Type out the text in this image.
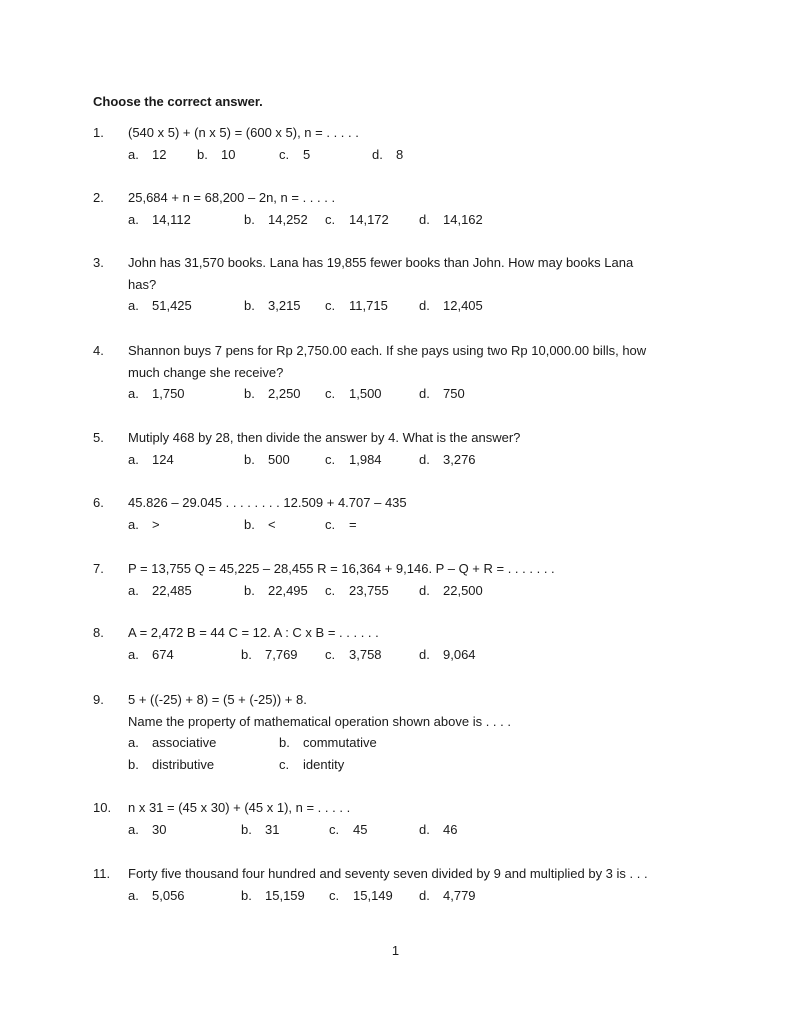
Choose the correct answer.
1. (540 x 5) + (n x 5) = (600 x 5), n = . . . . .
a. 12 b. 10	c. 5	d. 8
2. 25,684 + n = 68,200 – 2n, n = . . . . .
a. 14,112	b. 14,252 c. 14,172 d. 14,162
3. John has 31,570 books. Lana has 19,855 fewer books than John. How may books Lana
has?
a. 51,425	b. 3,215 c. 11,715 d. 12,405
4. Shannon buys 7 pens for Rp 2,750.00 each. If she pays using two Rp 10,000.00 bills, how
much change she receive?
a. 1,750	b. 2,250 c. 1,500	d. 750
5. Mutiply 468 by 28, then divide the answer by 4. What is the answer?
a. 124	b. 500	c. 1,984	d. 3,276
6. 45.826 – 29.045 . . . . . . . . 12.509 + 4.707 – 435
a. >	b. <	c. =
7. P = 13,755 Q = 45,225 – 28,455 R = 16,364 + 9,146. P – Q + R = . . . . . . .
a. 22,485	b. 22,495 c. 23,755 d. 22,500
8. A = 2,472 B = 44 C = 12. A : C x B = . . . . . .
a. 674	b. 7,769 c. 3,758	d. 9,064
9. 5 + ((-25) + 8) = (5 + (-25)) + 8.
Name the property of mathematical operation shown above is . . . .
a. associative	b. commutative
b. distributive	c. identity
10. n x 31 = (45 x 30) + (45 x 1), n = . . . . .
a. 30	b. 31	c. 45	d. 46
11. Forty five thousand four hundred and seventy seven divided by 9 and multiplied by 3 is . . .
a. 5,056	b. 15,159 c. 15,149 d. 4,779
1
